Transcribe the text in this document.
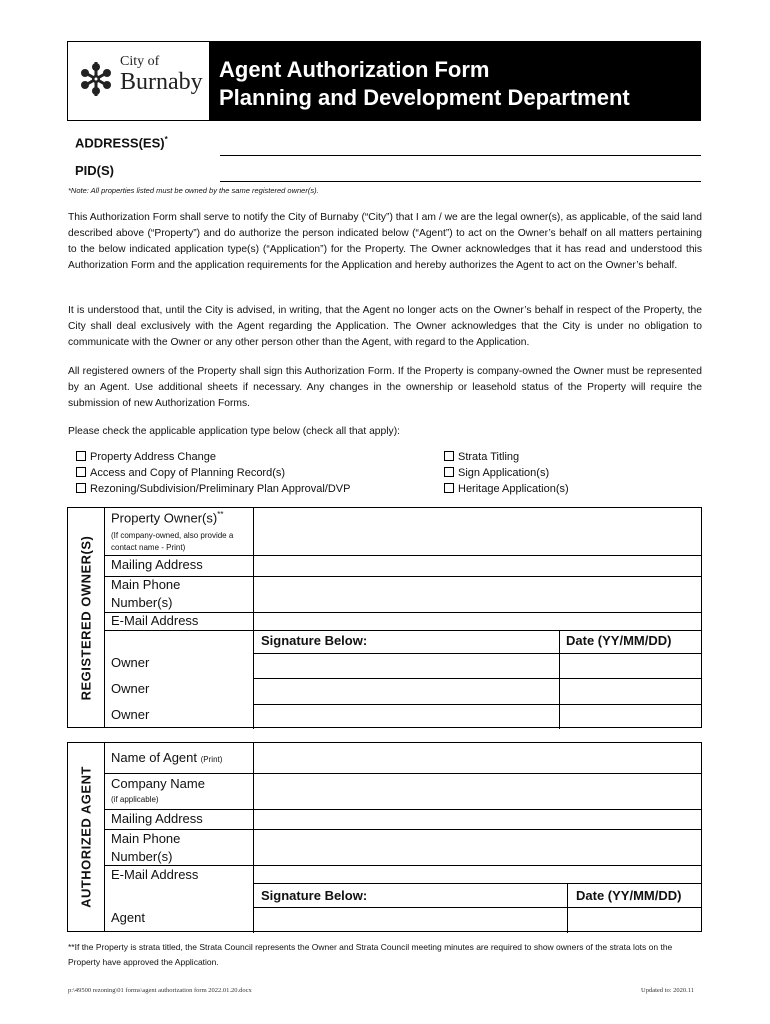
City of
Burnaby Agent Authorization Form
Planning and Development Department
ADDRESS(ES)*
PID(S)
*Note: All properties listed must be owned by the same registered owner(s).
This Authorization Form shall serve to notify the City of Burnaby (“City”) that I am / we are the legal owner(s), as applicable, of the said land described above (“Property”) and do authorize the person indicated below (“Agent”) to act on the Owner’s behalf on all matters pertaining to the below indicated application type(s) (“Application”) for the Property. The Owner acknowledges that it has read and understood this Authorization Form and the application requirements for the Application and hereby authorizes the Agent to act on the Owner’s behalf.
It is understood that, until the City is advised, in writing, that the Agent no longer acts on the Owner’s behalf in respect of the Property, the City shall deal exclusively with the Agent regarding the Application. The Owner acknowledges that the City is under no obligation to communicate with the Owner or any other person other than the Agent, with regard to the Application.
All registered owners of the Property shall sign this Authorization Form. If the Property is company-owned the Owner must be represented by an Agent. Use additional sheets if necessary. Any changes in the ownership or leasehold status of the Property will require the submission of new Authorization Forms.
Please check the applicable application type below (check all that apply):
Property Address Change
Access and Copy of Planning Record(s)
Rezoning/Subdivision/Preliminary Plan Approval/DVP
Strata Titling
Sign Application(s)
Heritage Application(s)
REGISTERED OWNER(S)
Property Owner(s)**
(If company-owned, also provide a contact name - Print)
Mailing Address
Main Phone
Number(s)
E-Mail Address
Signature Below:	Date (YY/MM/DD)
Owner
Owner
Owner
AUTHORIZED AGENT
Name of Agent (Print)
Company Name
(if applicable)
Mailing Address
Main Phone
Number(s)
E-Mail Address
Signature Below:	Date (YY/MM/DD)
Agent
**If the Property is strata titled, the Strata Council represents the Owner and Strata Council meeting minutes are required to show owners of the strata lots on the Property have approved the Application.
p:\49500 rezoning\01 forms\agent authorization form 2022.01.20.docx	Updated to: 2020.11
